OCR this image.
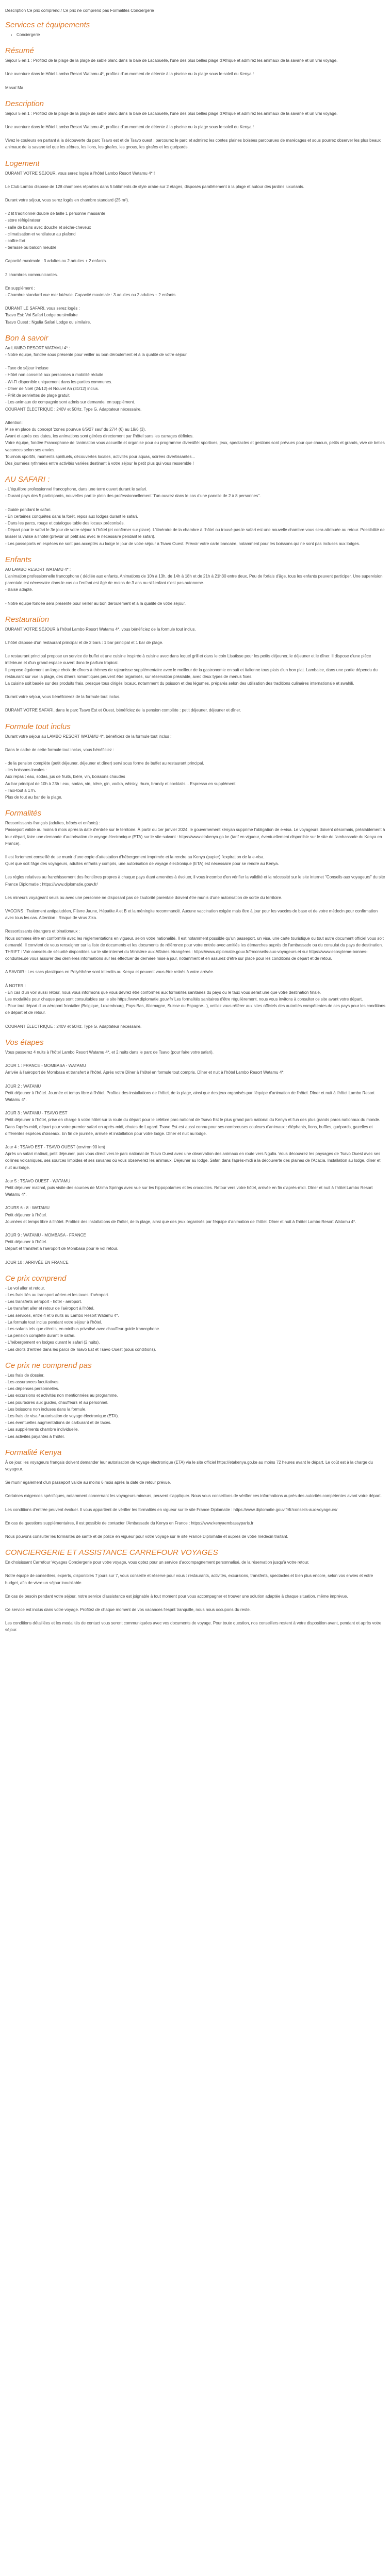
Description Ce prix comprend / Ce prix ne comprend pas Formalités Conciergerie

Services et équipements
• Conciergerie
Résumé

Séjour 5 en 1 : Profitez de la plage de la plage de sable blanc dans la baie de Lacaouelle, l'une des plus belles plage d'Afrique et admirez les animaux de la savane et un vrai voyage.

Une aventure dans le Hôtel Lambo Resort Watamu 4*, profitez d'un moment de détente à la piscine ou la plage sous le soleil du Kenya !

Masaï Ma

Description

Séjour 5 en 1 : Profitez de la plage de la plage de sable blanc dans la baie de Lacaouelle, l'une des plus belles plage d'Afrique et admirez les animaux de la savane et un vrai voyage.

Une aventure dans le Hôtel Lambo Resort Watamu 4*, profitez d'un moment de détente à la piscine ou la plage sous le soleil du Kenya !

Vivez le couleurs en partant à la découverte du parc Tsavo est et de Tsavo ouest : parcourez le parc et admirez les contes plaines boisées parcourues de marécages et sous pourrez observer les plus beaux animaux de la savane tel que les zèbres, les lions, les girafes, les gnous, les girafes et les guépards.

Logement

DURANT VOTRE SÉJOUR, vous serez logés à l'hôtel Lambo Resort Watamu 4* !

Le Club Lambo dispose de 128 chambres réparties dans 5 bâtiments de style arabe sur 2 étages, disposés parallèlement à la plage et autour des jardins luxuriants.

Durant votre séjour, vous serez logés en chambre standard (25 m²).

- 2 lit traditionnel double de taille 1 personne massante
- store réfrigérateur
- salle de bains avec douche et sèche-cheveux
- climatisation et ventilateur au plafond
- coffre-fort
- terrasse ou balcon meublé

Capacité maximale : 3 adultes ou 2 adultes + 2 enfants.

2 chambres communicantes.

En supplément :
- Chambre standard vue mer latérale. Capacité maximale : 3 adultes ou 2 adultes + 2 enfants.

DURANT LE SAFARI, vous serez logés :
Tsavo Est: Voi Safari Lodge ou similaire
Tsavo Ouest : Ngulia Safari Lodge ou similaire.

Bon à savoir

Au LAMBO RESORT WATAMU 4* :
- Notre équipe, fondée sous présente pour veiller au bon déroulement et à la qualité de votre séjour.

- Taxe de séjour incluse
- Hôtel non conseillé aux personnes à mobilité réduite
- Wi-Fi disponible uniquement dans les parties communes.
- Dîner de Noël (24/12) et Nouvel An (31/12) inclus.
- Prêt de serviettes de plage gratuit.
- Les animaux de compagnie sont admis sur demande, en supplément.
COURANT ÉLECTRIQUE : 240V et 50Hz. Type G. Adaptateur nécessaire.

Attention:
Mise en place du concept 'zones pourvue 6/5/27 sauf du 27/4 (6) au 19/6 (3).
Avant et après ces dates, les animations sont gérées directement par l'hôtel sans les carrages définies.
Votre équipe, fondée Francophone de l'animation vous accueille et organise pour eu programme diversifié: sportives, jeux, spectacles et gestions sont prévues pour que chacun, petits et grands, vive de belles vacances selon ses envies.
Tournois sportifs, moments spirituels, découvertes locales, activités pour aquas, soirées divertissantes...
Des journées rythmées entre activités variées destinant à votre séjour le petit plus qui vous ressemble !

AU SAFARI :

- L'équilibre professionnel francophone, dans une terre ouvert durant le safari.
- Durant pays des 5 participants, nouvelles part le plein des professionnellement "l'un ouvrez dans le cas d'une panelle de 2 à 8 personnes".

- Guide pendant le safari.
- En certaines conquêtes dans la forêt, repos aux lodges durant le safari.
- Dans les parcs, rouge et catalogue table des locaux préconisés.
- Départ pour le safari le 3e jour de votre séjour à l'hôtel (et confirmer sur place). L'itinéraire de la chambre à l'hôtel ou trouvé pas le safari est une nouvelle chambre vous sera attribuée au retour. Possibilité de laisser la valise à l'hôtel (prévoir un petit sac avec le nécessaire pendant le safari).
- Les passeports en espèces ne sont pas acceptés au lodge le jour de votre séjour à Tsavo Ouest. Prévoir votre carte bancaire, notamment pour les boissons qui ne sont pas incluses aux lodges.

Enfants

AU LAMBO RESORT WATAMU 4* :
L'animation professionnelle francophone ( dédiée aux enfants. Animations de 10h à 13h, de 14h à 18h et de 21h à 21h30 entre deux, Peu de forfais d'âge, tous les enfants peuvent participer. Une supervision parentale est nécessaire dans le cas ou l'enfant est âgé de moins de 3 ans ou si l'enfant n'est pas autonome.
- Baisé adapté.

- Notre équipe fondée sera présente pour veiller au bon déroulement et à la qualité de votre séjour.

Restauration

DURANT VOTRE SÉJOUR à l'hôtel Lambo Resort Watamu 4*, vous bénéficiez de la formule tout inclus.

L'hôtel dispose d'un restaurant principal et de 2 bars : 1 bar principal et 1 bar de plage.

Le restaurant principal propose un service de buffet et une cuisine inspirée à cuisine avec dans lequel grill et dans le coin Lisatisse pour les petits déjeuner, le déjeuner et le dîner. Il dispose d'une pièce intérieure et d'un grand espace ouvert donc le parfum tropical.
Il propose également un large choix de dîners à thèmes de rajeunisse supplémentaire avec le meilleur de la gastronomie en suit et italienne tous plats d'un bon plat. Lambaice, dans une partie dépendu du restaurant sur vue la plage, des dîners romantiques peuvent être organisés, sur réservation préalable, avec deux types de menus fixes.
La cuisine soit basée sur des produits frais, presque tous dirigés locaux, notamment du poisson et des légumes, préparés selon des utilisation des traditions culinaires internationale et swahili.

Durant votre séjour, vous bénéficierez de la formule tout inclus.

DURANT VOTRE SAFARI, dans le parc Tsavo Est et Ouest, bénéficiez de la pension complète : petit déjeuner, déjeuner et dîner.

Formule tout inclus

Durant votre séjour au LAMBO RESORT WATAMU 4*, bénéficiez de la formule tout inclus :

Dans le cadre de cette formule tout inclus, vous bénéficiez :

- de la pension complète (petit déjeuner, déjeuner et dîner) servi sous forme de buffet au restaurant principal.
- les boissons locales :
Aux repas : eau, sodas, jus de fruits, bière, vin, boissons chaudes
Au bar principal de 10h à 23h : eau, sodas, vin, bière, gin, vodka, whisky, rhum, brandy et cocktails... Espresso en supplément.
- Taxi-tout à 17h.
Plus de tout au bar de la plage.

Formalités

Ressortissants français (adultes, bébés et enfants) :
Passeport valide au moins 6 mois après la date d'entrée sur le territoire. À partir du 1er janvier 2024, le gouvernement kényan supprime l'obligation de e-visa. Le voyageurs doivent désormais, préalablement à leur départ, faire une demande d'autorisation de voyage électronique (ETA) sur le site suivant : https://www.etakenya.go.ke (tarif en vigueur, éventuellement disponible sur le site de l'ambassade du Kenya en France).

Il est fortement conseillé de se munir d'une copie d'attestation d'hébergement imprimée et la rendre au Kenya (papier) l'expiration de la e-visa.
Quel que soit l'âge des voyageurs, adultes enfants y compris, une autorisation de voyage électronique (ETA) est nécessaire pour se rendre au Kenya.

Les règles relatives au franchissement des frontières propres à chaque pays étant amenées à évoluer, il vous incombe d'en vérifier la validité et la nécessité sur le site internet "Conseils aux voyageurs" du site France Diplomatie : https://www.diplomatie.gouv.fr/

Les mineurs voyageant seuls ou avec une personne ne disposant pas de l'autorité parentale doivent être munis d'une autorisation de sortie du territoire.

VACCINS : Traitement antipaludéen, Fièvre Jaune, Hépatite A et B et la méningite recommandé. Aucune vaccination exigée mais être à jour pour les vaccins de base et de votre médecin pour confirmation avec tous les cas. Attention : Risque de virus Zika.

Ressortissants étrangers et binationaux :
Nous sommes être en conformité avec les réglementations en vigueur, selon votre nationalité. Il est notamment possible qu'un passeport, un visa, une carte touristique ou tout autre document officiel vous soit demandé. Il convient de vous renseigner sur la liste de documents et les documents de référence pour votre entrée avec amitiés les démarches auprès de l'ambassade ou du consulat du pays de destination.
THRIFT : Voir conseils de sécurité disponibles sur le site internet du Ministère aux Affaires étrangères : https://www.diplomatie.gouv.fr/fr/conseils-aux-voyageurs et sur https://www.ecosyteme-bonnes-conduites.de vous assurer des dernières informations sur les effectuer de dernière mise à jour, notamment et en assurez d'être sur place pour les conditions de départ et de retour.

A SAVOIR : Les sacs plastiques en Polyéthène sont interdits au Kenya et peuvent vous être retirés à votre arrivée.

À NOTER :
- En cas d'un voir aussi retour, nous vous informons que vous devrez être conformes aux formalités sanitaires du pays ou le taux vous serait une que votre destination finale.
Les modalités pour chaque pays sont consultables sur le site https://www.diplomatie.gouv.fr/ Les formalités sanitaires d'être régulièrement, nous vous invitons à consulter ce site avant votre départ.
- Pour tout départ d'un aéroport frontalier (Belgique, Luxembourg, Pays-Bas, Allemagne, Suisse ou Espagne...), veillez vous référer aux sites officiels des autorités compétentes de ces pays pour les conditions de départ et de retour.

COURANT ÉLECTRIQUE : 240V et 50Hz. Type G. Adaptateur nécessaire.

Vos étapes

Vous passerez 4 nuits à l'hôtel Lambo Resort Watamu 4*, et 2 nuits dans le parc de Tsavo (pour faire votre safari).

JOUR 1 : FRANCE - MOMBASA - WATAMU
Arrivée à l'aéroport de Mombasa et transfert à l'hôtel. Après votre Dîner à l'hôtel en formule tout compris. Dîner et nuit à l'hôtel Lambo Resort Watamu 4*.

JOUR 2 : WATAMU
Petit déjeuner à l'hôtel. Journée et temps libre à l'hôtel. Profitez des installations de l'hôtel, de la plage, ainsi que des jeux organisés par l'équipe d'animation de l'hôtel. Dîner et nuit à l'hôtel Lambo Resort Watamu 4*.

JOUR 3 : WATAMU - TSAVO EST
Petit déjeuner à l'hôtel, prise en charge à votre hôtel sur la route du départ pour le célèbre parc national de Tsavo Est le plus grand parc national du Kenya et l'un des plus grands parcs nationaux du monde. Dans l'après-midi, départ pour votre premier safari en après-midi, chutes de Lugard. Tsavo Est est aussi connu pour ses nombreuses couleurs d'animaux : éléphants, lions, buffles, guépards, gazelles et différentes espèces d'oiseaux. En fin de journée, arrivée et installation pour votre lodge. Dîner et nuit au lodge.

Jour 4 : TSAVO EST - TSAVO OUEST (environ 90 km)
Après un safari matinal, petit déjeuner, puis vous direct vers le parc national de Tsavo Ouest avec une observation des animaux en route vers Ngulia. Vous découvrez les paysages de Tsavo Ouest avec ses collines volcaniques, ses sources limpides et ses savanes où vous observerez les animaux. Déjeuner au lodge. Safari dans l'après-midi à la découverte des plaines de l'Acacia. Installation au lodge, dîner et nuit au lodge.

Jour 5 : TSAVO OUEST - WATAMU
Petit déjeuner matinal, puis visite des sources de Mzima Springs avec vue sur les hippopotames et les crocodiles. Retour vers votre hôtel, arrivée en fin d'après-midi. Dîner et nuit à l'hôtel Lambo Resort Watamu 4*.

JOURS 6 - 8 : WATAMU
Petit déjeuner à l'hôtel.
Journées et temps libre à l'hôtel. Profitez des installations de l'hôtel, de la plage, ainsi que des jeux organisés par l'équipe d'animation de l'hôtel. Dîner et nuit à l'hôtel Lambo Resort Watamu 4*.

JOUR 9 : WATAMU - MOMBASA - FRANCE
Petit déjeuner à l'hôtel.
Départ et transfert à l'aéroport de Mombasa pour le vol retour.

JOUR 10 : ARRIVÉE EN FRANCE

Ce prix comprend

- Le vol aller et retour.
- Les frais liés au transport aérien et les taxes d'aéroport.
- Les transferts aéroport - hôtel - aéroport.
- Le transfert aller et retour de l'aéroport à l'hôtel.
- Les services, entre 4 et 6 nuits au Lambo Resort Watamu 4*.
- La formule tout inclus pendant votre séjour à l'hôtel.
- Les safaris tels que décrits, en minibus privatisé avec chauffeur-guide francophone.
- La pension complète durant le safari.
- L'hébergement en lodges durant le safari (2 nuits).
- Les droits d'entrée dans les parcs de Tsavo Est et Tsavo Ouest (sous conditions).

Ce prix ne comprend pas

- Les frais de dossier.
- Les assurances facultatives.
- Les dépenses personnelles.
- Les excursions et activités non mentionnées au programme.
- Les pourboires aux guides, chauffeurs et au personnel.
- Les boissons non incluses dans la formule.
- Les frais de visa / autorisation de voyage électronique (ETA).
- Les éventuelles augmentations de carburant et de taxes.
- Les suppléments chambre individuelle.
- Les activités payantes à l'hôtel.

Formalité Kenya

À ce jour, les voyageurs français doivent demander leur autorisation de voyage électronique (ETA) via le site officiel https://etakenya.go.ke au moins 72 heures avant le départ. Le coût est à la charge du voyageur.

Se munir également d'un passeport valide au moins 6 mois après la date de retour prévue.

Certaines exigences spécifiques, notamment concernant les voyageurs mineurs, peuvent s'appliquer. Nous vous conseillons de vérifier ces informations auprès des autorités compétentes avant votre départ.

Les conditions d'entrée peuvent évoluer. Il vous appartient de vérifier les formalités en vigueur sur le site France Diplomatie : https://www.diplomatie.gouv.fr/fr/conseils-aux-voyageurs/

En cas de questions supplémentaires, il est possible de contacter l'Ambassade du Kenya en France : https://www.kenyaembassyparis.fr

Nous pouvons consulter les formalités de santé et de police en vigueur pour votre voyage sur le site France Diplomatie et auprès de votre médecin traitant.

CONCIERGERIE ET ASSISTANCE CARREFOUR VOYAGES

En choisissant Carrefour Voyages Conciergerie pour votre voyage, vous optez pour un service d'accompagnement personnalisé, de la réservation jusqu'à votre retour.

Notre équipe de conseillers, experts, disponibles 7 jours sur 7, vous conseille et réserve pour vous : restaurants, activités, excursions, transferts, spectacles et bien plus encore, selon vos envies et votre budget, afin de vivre un séjour inoubliable.

En cas de besoin pendant votre séjour, notre service d'assistance est joignable à tout moment pour vous accompagner et trouver une solution adaptée à chaque situation, même imprévue.

Ce service est inclus dans votre voyage. Profitez de chaque moment de vos vacances l'esprit tranquille, nous nous occupons du reste.

Les conditions détaillées et les modalités de contact vous seront communiquées avec vos documents de voyage. Pour toute question, nos conseillers restent à votre disposition avant, pendant et après votre séjour.
